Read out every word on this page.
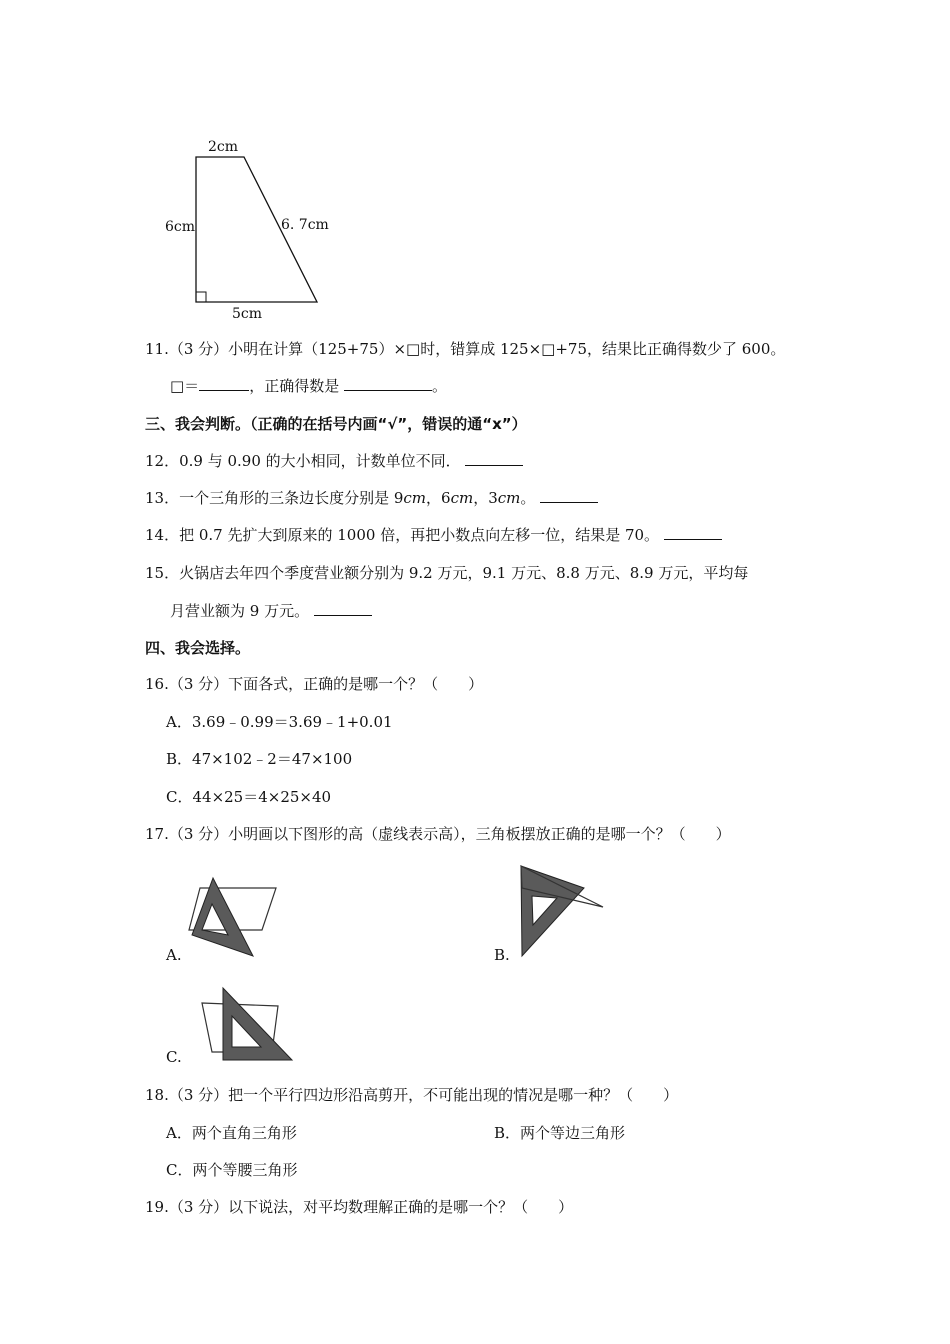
2cm
6cm	6. 7cm
5cm
11.（3 分）小明在计算（125+75）×□时，错算成 125×□+75，结果比正确得数少了 600。
□＝	，正确得数是	。
三、我会判断。（正确的在括号内画“√”，错误的通“x”）
12．0.9 与 0.90 的大小相同，计数单位不同．
13．一个三角形的三条边长度分别是 9𝑐𝑚，6𝑐𝑚，3𝑐𝑚。
14．把 0.7 先扩大到原来的 1000 倍，再把小数点向左移一位，结果是 70。
15．火锅店去年四个季度营业额分别为 9.2 万元，9.1 万元、8.8 万元、8.9 万元，平均每
月营业额为 9 万元。
四、我会选择。
16.（3 分）下面各式，正确的是哪一个？（　　）
A．3.69﹣0.99＝3.69﹣1+0.01
B．47×102﹣2＝47×100
C．44×25＝4×25×40
17.（3 分）小明画以下图形的高（虚线表示高），三角板摆放正确的是哪一个？（　　）
A.	B.
C.
18.（3 分）把一个平行四边形沿高剪开，不可能出现的情况是哪一种？（　　）
A．两个直角三角形	B．两个等边三角形
C．两个等腰三角形
19.（3 分）以下说法，对平均数理解正确的是哪一个？（　　）
